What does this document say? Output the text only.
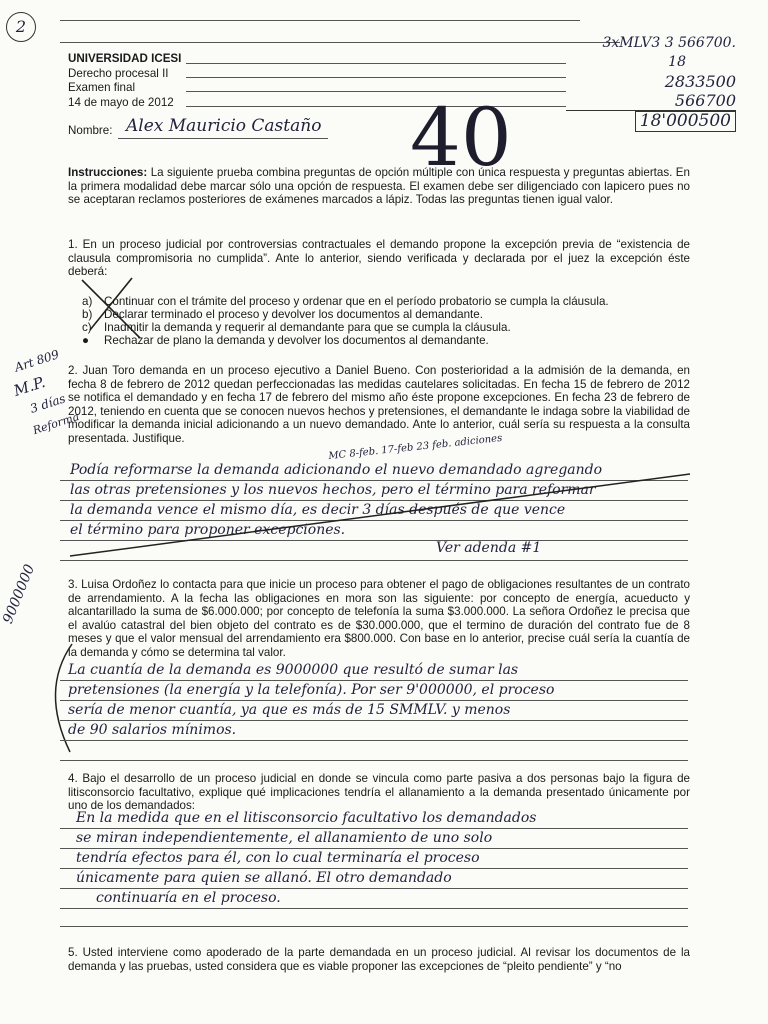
2
UNIVERSIDAD ICESI
Derecho procesal II
Examen final
14 de mayo de 2012
Nombre: Alex Mauricio Castaño
3xMLV3 3 566700.
18
2833500
566700
18'000500
40
Instrucciones: La siguiente prueba combina preguntas de opción múltiple con única respuesta y preguntas abiertas. En la primera modalidad debe marcar sólo una opción de respuesta. El examen debe ser diligenciado con lapicero pues no se aceptaran reclamos posteriores de exámenes marcados a lápiz. Todas las preguntas tienen igual valor.
1. En un proceso judicial por controversias contractuales el demando propone la excepción previa de “existencia de clausula compromisoria no cumplida”. Ante lo anterior, siendo verificada y declarada por el juez la excepción éste deberá:
a) Continuar con el trámite del proceso y ordenar que en el período probatorio se cumpla la cláusula.
b) Declarar terminado el proceso y devolver los documentos al demandante.
c) Inadmitir la demanda y requerir al demandante para que se cumpla la cláusula.
● Rechazar de plano la demanda y devolver los documentos al demandante.
Art 809
M.P.
3 días
Reforma
2. Juan Toro demanda en un proceso ejecutivo a Daniel Bueno. Con posterioridad a la admisión de la demanda, en fecha 8 de febrero de 2012 quedan perfeccionadas las medidas cautelares solicitadas. En fecha 15 de febrero de 2012 se notifica el demandado y en fecha 17 de febrero del mismo año éste propone excepciones. En fecha 23 de febrero de 2012, teniendo en cuenta que se conocen nuevos hechos y pretensiones, el demandante le indaga sobre la viabilidad de modificar la demanda inicial adicionando a un nuevo demandado. Ante lo anterior, cuál sería su respuesta a la consulta presentada. Justifique.	MC 8-feb. 17-feb 23 feb. adiciones
Podía reformarse la demanda adicionando el nuevo demandado agregando
las otras pretensiones y los nuevos hechos, pero el término para reformar
la demanda vence el mismo día, es decir 3 días después de que vence
el término para proponer excepciones.
Ver adenda #1
3. Luisa Ordoñez lo contacta para que inicie un proceso para obtener el pago de obligaciones resultantes de un contrato de arrendamiento. A la fecha las obligaciones en mora son las siguiente: por concepto de energía, acueducto y alcantarillado la suma de $6.000.000; por concepto de telefonía la suma $3.000.000. La señora Ordoñez le precisa que el avalúo catastral del bien objeto del contrato es de $30.000.000, que el termino de duración del contrato fue de 8 meses y que el valor mensual del arrendamiento era $800.000. Con base en lo anterior, precise cuál sería la cuantía de la demanda y cómo se determina tal valor.
9000000
La cuantía de la demanda es 9000000 que resultó de sumar las
pretensiones (la energía y la telefonía). Por ser 9'000000, el proceso
sería de menor cuantía, ya que es más de 15 SMMLV. y menos
de 90 salarios mínimos.
4. Bajo el desarrollo de un proceso judicial en donde se vincula como parte pasiva a dos personas bajo la figura de litisconsorcio facultativo, explique qué implicaciones tendría el allanamiento a la demanda presentado únicamente por uno de los demandados:
En la medida que en el litisconsorcio facultativo los demandados
se miran independientemente, el allanamiento de uno solo
tendría efectos para él, con lo cual terminaría el proceso
únicamente para quien se allanó. El otro demandado
continuaría en el proceso.
5. Usted interviene como apoderado de la parte demandada en un proceso judicial. Al revisar los documentos de la demanda y las pruebas, usted considera que es viable proponer las excepciones de “pleito pendiente” y “no
